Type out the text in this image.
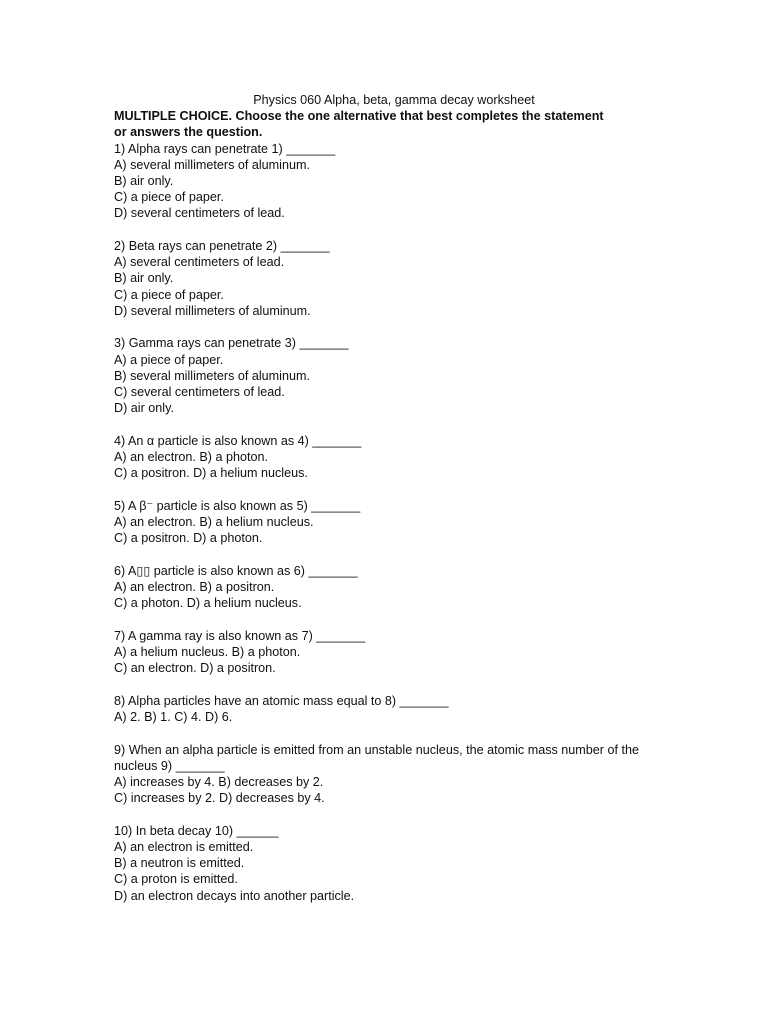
Physics 060 Alpha, beta, gamma decay worksheet
MULTIPLE CHOICE. Choose the one alternative that best completes the statement
or answers the question.
1) Alpha rays can penetrate 1) _______
A) several millimeters of aluminum.
B) air only.
C) a piece of paper.
D) several centimeters of lead.
2) Beta rays can penetrate 2) _______
A) several centimeters of lead.
B) air only.
C) a piece of paper.
D) several millimeters of aluminum.
3) Gamma rays can penetrate 3) _______
A) a piece of paper.
B) several millimeters of aluminum.
C) several centimeters of lead.
D) air only.
4) An α particle is also known as 4) _______
A) an electron. B) a photon.
C) a positron. D) a helium nucleus.
5) A β⁻ particle is also known as 5) _______
A) an electron. B) a helium nucleus.
C) a positron. D) a photon.
6) A▯▯ particle is also known as 6) _______
A) an electron. B) a positron.
C) a photon. D) a helium nucleus.
7) A gamma ray is also known as 7) _______
A) a helium nucleus. B) a photon.
C) an electron. D) a positron.
8) Alpha particles have an atomic mass equal to 8) _______
A) 2. B) 1. C) 4. D) 6.
9) When an alpha particle is emitted from an unstable nucleus, the atomic mass number of the nucleus 9) _______
A) increases by 4. B) decreases by 2.
C) increases by 2. D) decreases by 4.
10) In beta decay 10) ______
A) an electron is emitted.
B) a neutron is emitted.
C) a proton is emitted.
D) an electron decays into another particle.
